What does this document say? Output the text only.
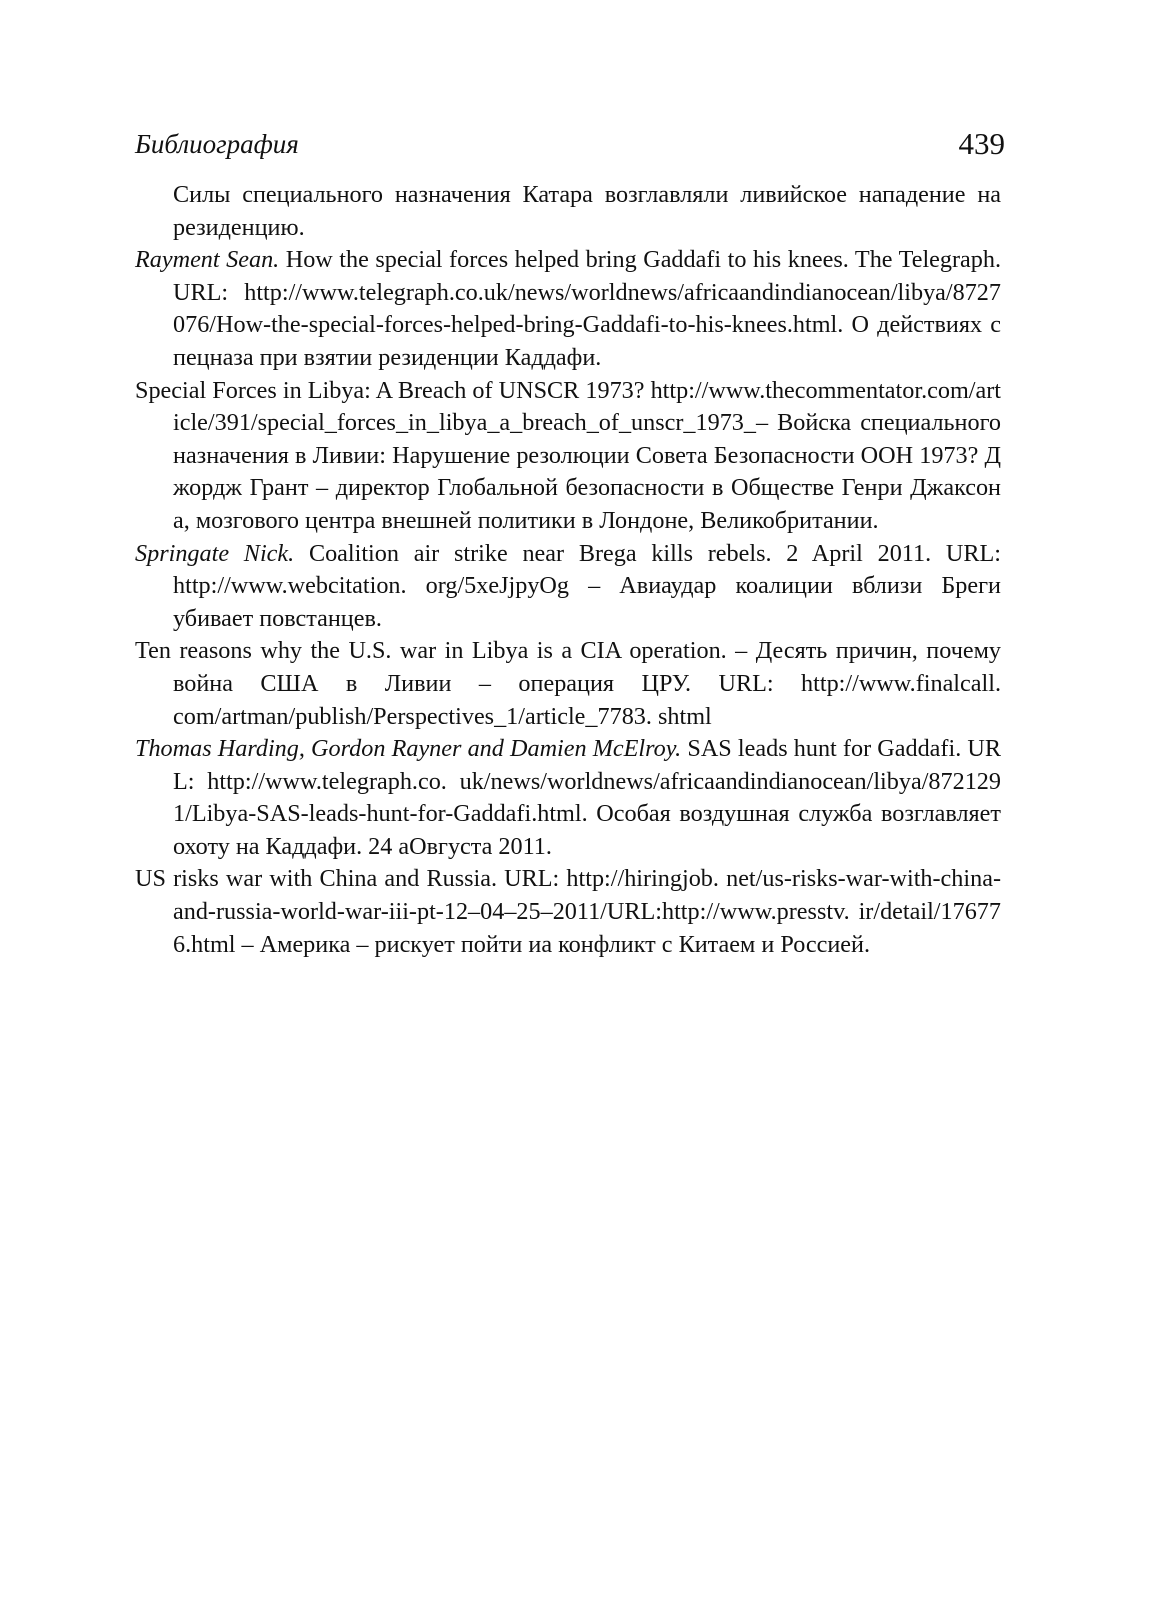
Библиография	439

Силы специального назначения Катара возглавляли ливийское нападение на резиденцию.

Rayment Sean. How the special forces helped bring Gaddafi to his knees. The Telegraph. URL: http://www.telegraph.co.uk/news/worldnews/africaandindianocean/libya/8727076/How-the-special-forces-helped-bring-Gaddafi-to-his-knees.html. О действиях спецназа при взятии резиденции Каддафи.

Special Forces in Libya: A Breach of UNSCR 1973? http://www.thecommentator.com/article/391/special_forces_in_libya_a_breach_of_unscr_1973_– Войска специального назначения в Ливии: Нарушение резолюции Совета Безопасности ООН 1973? Джордж Грант – директор Глобальной безопасности в Обществе Генри Джаксона, мозгового центра внешней политики в Лондоне, Великобритании.

Springate Nick. Coalition air strike near Brega kills rebels. 2 April 2011. URL: http://www.webcitation. org/5xeJjpyOg – Авиаудар коалиции вблизи Бреги убивает повстанцев.

Ten reasons why the U.S. war in Libya is a CIA operation. – Десять причин, почему война США в Ливии – операция ЦРУ. URL: http://www.finalcall. com/artman/publish/Perspectives_1/article_7783. shtml

Thomas Harding, Gordon Rayner and Damien McElroy. SAS leads hunt for Gaddafi. URL: http://www.telegraph.co. uk/news/worldnews/africaandindianocean/libya/8721291/Libya-SAS-leads-hunt-for-Gaddafi.html. Особая воздушная служба возглавляет охоту на Каддафи. 24 аОвгуста 2011.

US risks war with China and Russia. URL: http://hiringjob. net/us-risks-war-with-china-and-russia-world-war-iii-pt-12–04–25–2011/URL:http://www.presstv. ir/detail/176776.html – Америка – рискует пойти иа конфликт с Китаем и Россией.
